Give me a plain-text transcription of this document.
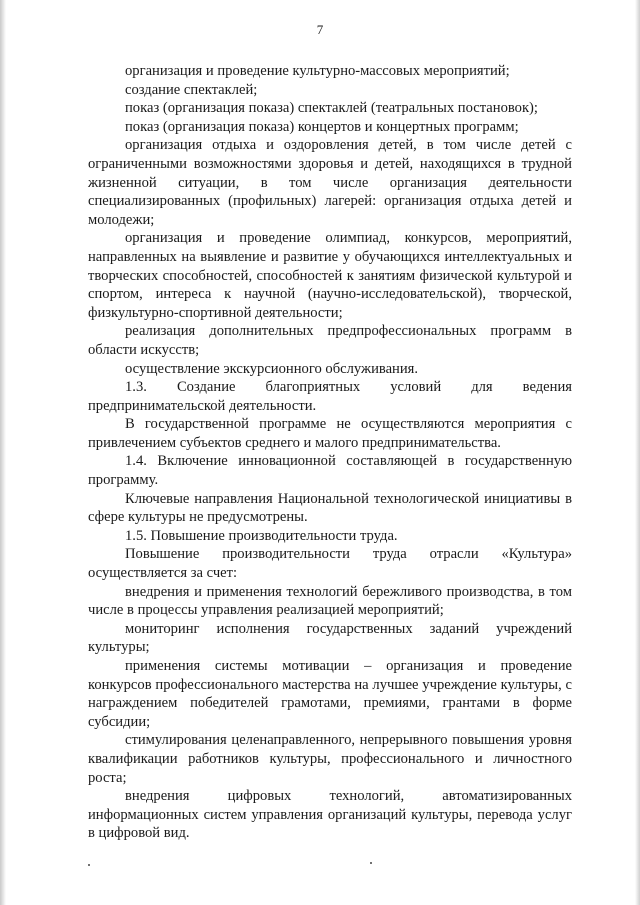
7

организация и проведение культурно-массовых мероприятий;

создание спектаклей;

показ (организация показа) спектаклей (театральных постановок);

показ (организация показа) концертов и концертных программ;

организация отдыха и оздоровления детей, в том числе детей с ограниченными возможностями здоровья и детей, находящихся в трудной жизненной ситуации, в том числе организация деятельности специализированных (профильных) лагерей: организация отдыха детей и молодежи;

организация и проведение олимпиад, конкурсов, мероприятий, направленных на выявление и развитие у обучающихся интеллектуальных и творческих способностей, способностей к занятиям физической культурой и спортом, интереса к научной (научно-исследовательской), творческой, физкультурно-спортивной деятельности;

реализация дополнительных предпрофессиональных программ в области искусств;

осуществление экскурсионного обслуживания.

1.3. Создание благоприятных условий для ведения предпринимательской деятельности.

В государственной программе не осуществляются мероприятия с привлечением субъектов среднего и малого предпринимательства.

1.4. Включение инновационной составляющей в государственную программу.

Ключевые направления Национальной технологической инициативы в сфере культуры не предусмотрены.

1.5. Повышение производительности труда.

Повышение производительности труда отрасли «Культура» осуществляется за счет:

внедрения и применения технологий бережливого производства, в том числе в процессы управления реализацией мероприятий;

мониторинг исполнения государственных заданий учреждений культуры;

применения системы мотивации – организация и проведение конкурсов профессионального мастерства на лучшее учреждение культуры, с награждением победителей грамотами, премиями, грантами в форме субсидии;

стимулирования целенаправленного, непрерывного повышения уровня квалификации работников культуры, профессионального и личностного роста;

внедрения цифровых технологий, автоматизированных информационных систем управления организаций культуры, перевода услуг в цифровой вид.
